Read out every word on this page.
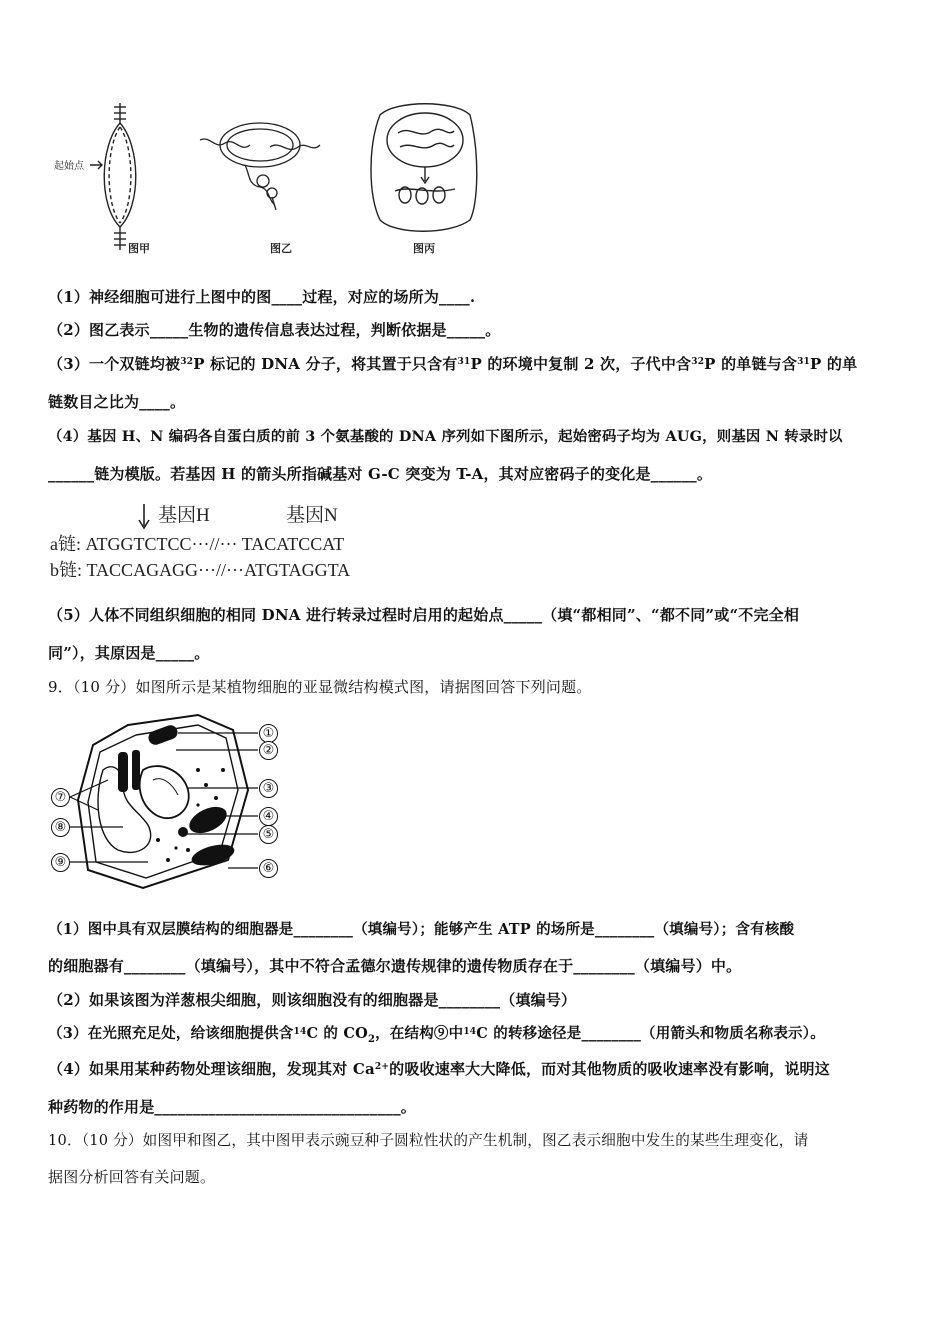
起始点
图甲	图乙	图丙
（1）神经细胞可进行上图中的图____过程，对应的场所为____.
（2）图乙表示_____生物的遗传信息表达过程，判断依据是_____。
（3）一个双链均被$^{32}$P 标记的 DNA 分子，将其置于只含有$^{31}$P 的环境中复制 2 次，子代中含$^{32}$P 的单链与含$^{31}$P 的单
链数目之比为____。
（4）基因 H、N 编码各自蛋白质的前 3 个氨基酸的 DNA 序列如下图所示，起始密码子均为 AUG，则基因 N 转录时以
______链为模版。若基因 H 的箭头所指碱基对 G-C 突变为 T-A，其对应密码子的变化是______。
基因H	基因N
a链: ATGGTCTCC···//··· TACATCCAT
b链: TACCAGAGG···//···ATGTAGGTA
（5）人体不同组织细胞的相同 DNA 进行转录过程时启用的起始点_____（填“都相同”、“都不同”或“不完全相
同”），其原因是_____。
9．（10 分）如图所示是某植物细胞的亚显微结构模式图，请据图回答下列问题。
①
②
③
④
⑤
⑥
⑦
⑧
⑨
（1）图中具有双层膜结构的细胞器是________（填编号）；能够产生 ATP 的场所是________（填编号）；含有核酸
的细胞器有________（填编号），其中不符合孟德尔遗传规律的遗传物质存在于________（填编号）中。
（2）如果该图为洋葱根尖细胞，则该细胞没有的细胞器是________（填编号）
（3）在光照充足处，给该细胞提供含$^{14}$C 的 $CO_2$，在结构⑨中$^{14}$C 的转移途径是________（用箭头和物质名称表示）。
（4）如果用某种药物处理该细胞，发现其对 $Ca^{2+}$的吸收速率大大降低，而对其他物质的吸收速率没有影响，说明这
种药物的作用是________________________________。
10．（10 分）如图甲和图乙，其中图甲表示豌豆种子圆粒性状的产生机制，图乙表示细胞中发生的某些生理变化，请
据图分析回答有关问题。
